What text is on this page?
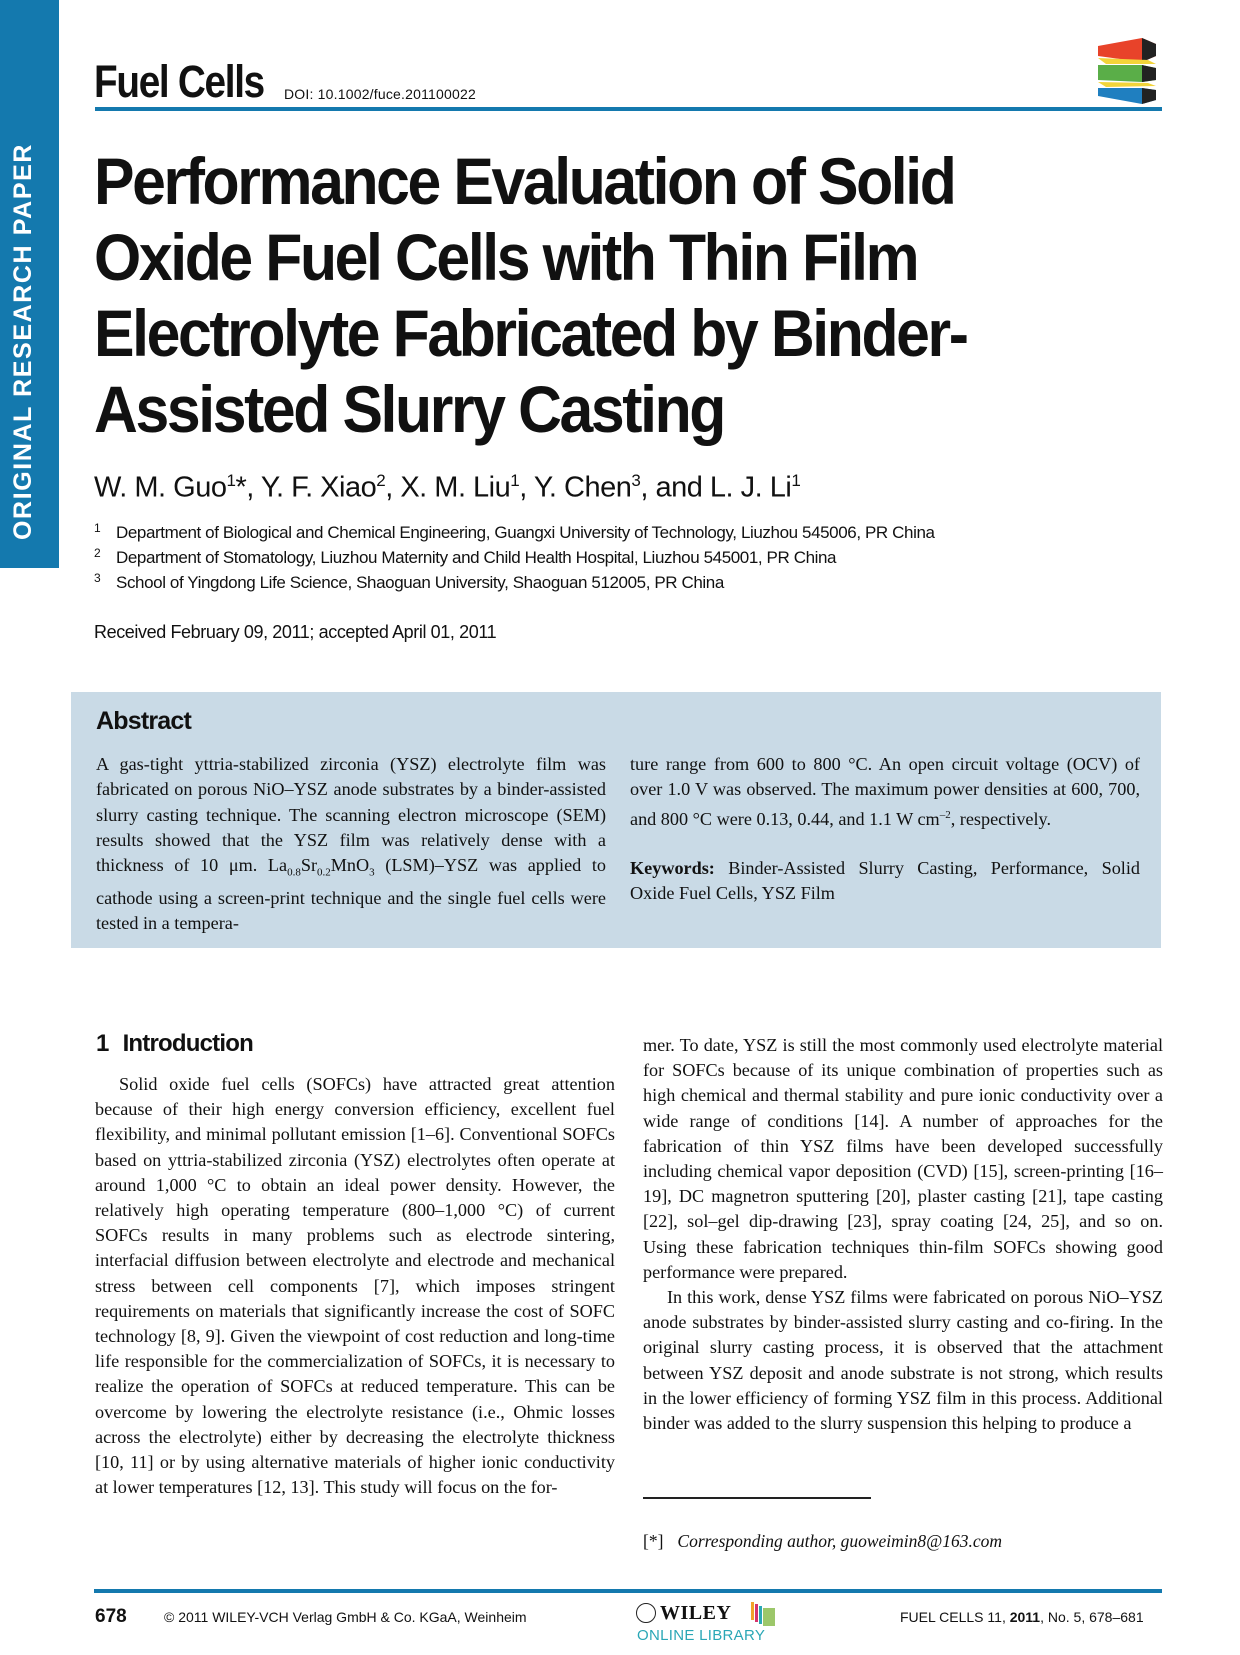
ORIGINAL RESEARCH PAPER
Fuel Cells DOI: 10.1002/fuce.201100022
Performance Evaluation of Solid Oxide Fuel Cells with Thin Film Electrolyte Fabricated by Binder-Assisted Slurry Casting
W. M. Guo$^1$*, Y. F. Xiao$^2$, X. M. Liu$^1$, Y. Chen$^3$, and L. J. Li$^1$
1 Department of Biological and Chemical Engineering, Guangxi University of Technology, Liuzhou 545006, PR China
2 Department of Stomatology, Liuzhou Maternity and Child Health Hospital, Liuzhou 545001, PR China
3 School of Yingdong Life Science, Shaoguan University, Shaoguan 512005, PR China
Received February 09, 2011; accepted April 01, 2011
Abstract
A gas-tight yttria-stabilized zirconia (YSZ) electrolyte film was fabricated on porous NiO–YSZ anode substrates by a binder-assisted slurry casting technique. The scanning electron microscope (SEM) results showed that the YSZ film was relatively dense with a thickness of 10 μm. $La_{0.8}Sr_{0.2}MnO_3$ (LSM)–YSZ was applied to cathode using a screen-print technique and the single fuel cells were tested in a tempera-
ture range from 600 to 800 °C. An open circuit voltage (OCV) of over 1.0 V was observed. The maximum power densities at 600, 700, and 800 °C were 0.13, 0.44, and 1.1 W $cm^{-2}$, respectively.
Keywords: Binder-Assisted Slurry Casting, Performance, Solid Oxide Fuel Cells, YSZ Film
1 Introduction

Solid oxide fuel cells (SOFCs) have attracted great attention because of their high energy conversion efficiency, excellent fuel flexibility, and minimal pollutant emission [1–6]. Conventional SOFCs based on yttria-stabilized zirconia (YSZ) electrolytes often operate at around 1,000 °C to obtain an ideal power density. However, the relatively high operating temperature (800–1,000 °C) of current SOFCs results in many problems such as electrode sintering, interfacial diffusion between electrolyte and electrode and mechanical stress between cell components [7], which imposes stringent requirements on materials that significantly increase the cost of SOFC technology [8, 9]. Given the viewpoint of cost reduction and long-time life responsible for the commercialization of SOFCs, it is necessary to realize the operation of SOFCs at reduced temperature. This can be overcome by lowering the electrolyte resistance (i.e., Ohmic losses across the electrolyte) either by decreasing the electrolyte thickness [10, 11] or by using alternative materials of higher ionic conductivity at lower temperatures [12, 13]. This study will focus on the for-

mer. To date, YSZ is still the most commonly used electrolyte material for SOFCs because of its unique combination of properties such as high chemical and thermal stability and pure ionic conductivity over a wide range of conditions [14]. A number of approaches for the fabrication of thin YSZ films have been developed successfully including chemical vapor deposition (CVD) [15], screen-printing [16–19], DC magnetron sputtering [20], plaster casting [21], tape casting [22], sol–gel dip-drawing [23], spray coating [24, 25], and so on. Using these fabrication techniques thin-film SOFCs showing good performance were prepared.

In this work, dense YSZ films were fabricated on porous NiO–YSZ anode substrates by binder-assisted slurry casting and co-firing. In the original slurry casting process, it is observed that the attachment between YSZ deposit and anode substrate is not strong, which results in the lower efficiency of forming YSZ film in this process. Additional binder was added to the slurry suspension this helping to produce a

[*] Corresponding author, guoweimin8@163.com
678	© 2011 WILEY-VCH Verlag GmbH & Co. KGaA, Weinheim	WILEY
ONLINE LIBRARY
FUEL CELLS 11, 2011, No. 5, 678–681
